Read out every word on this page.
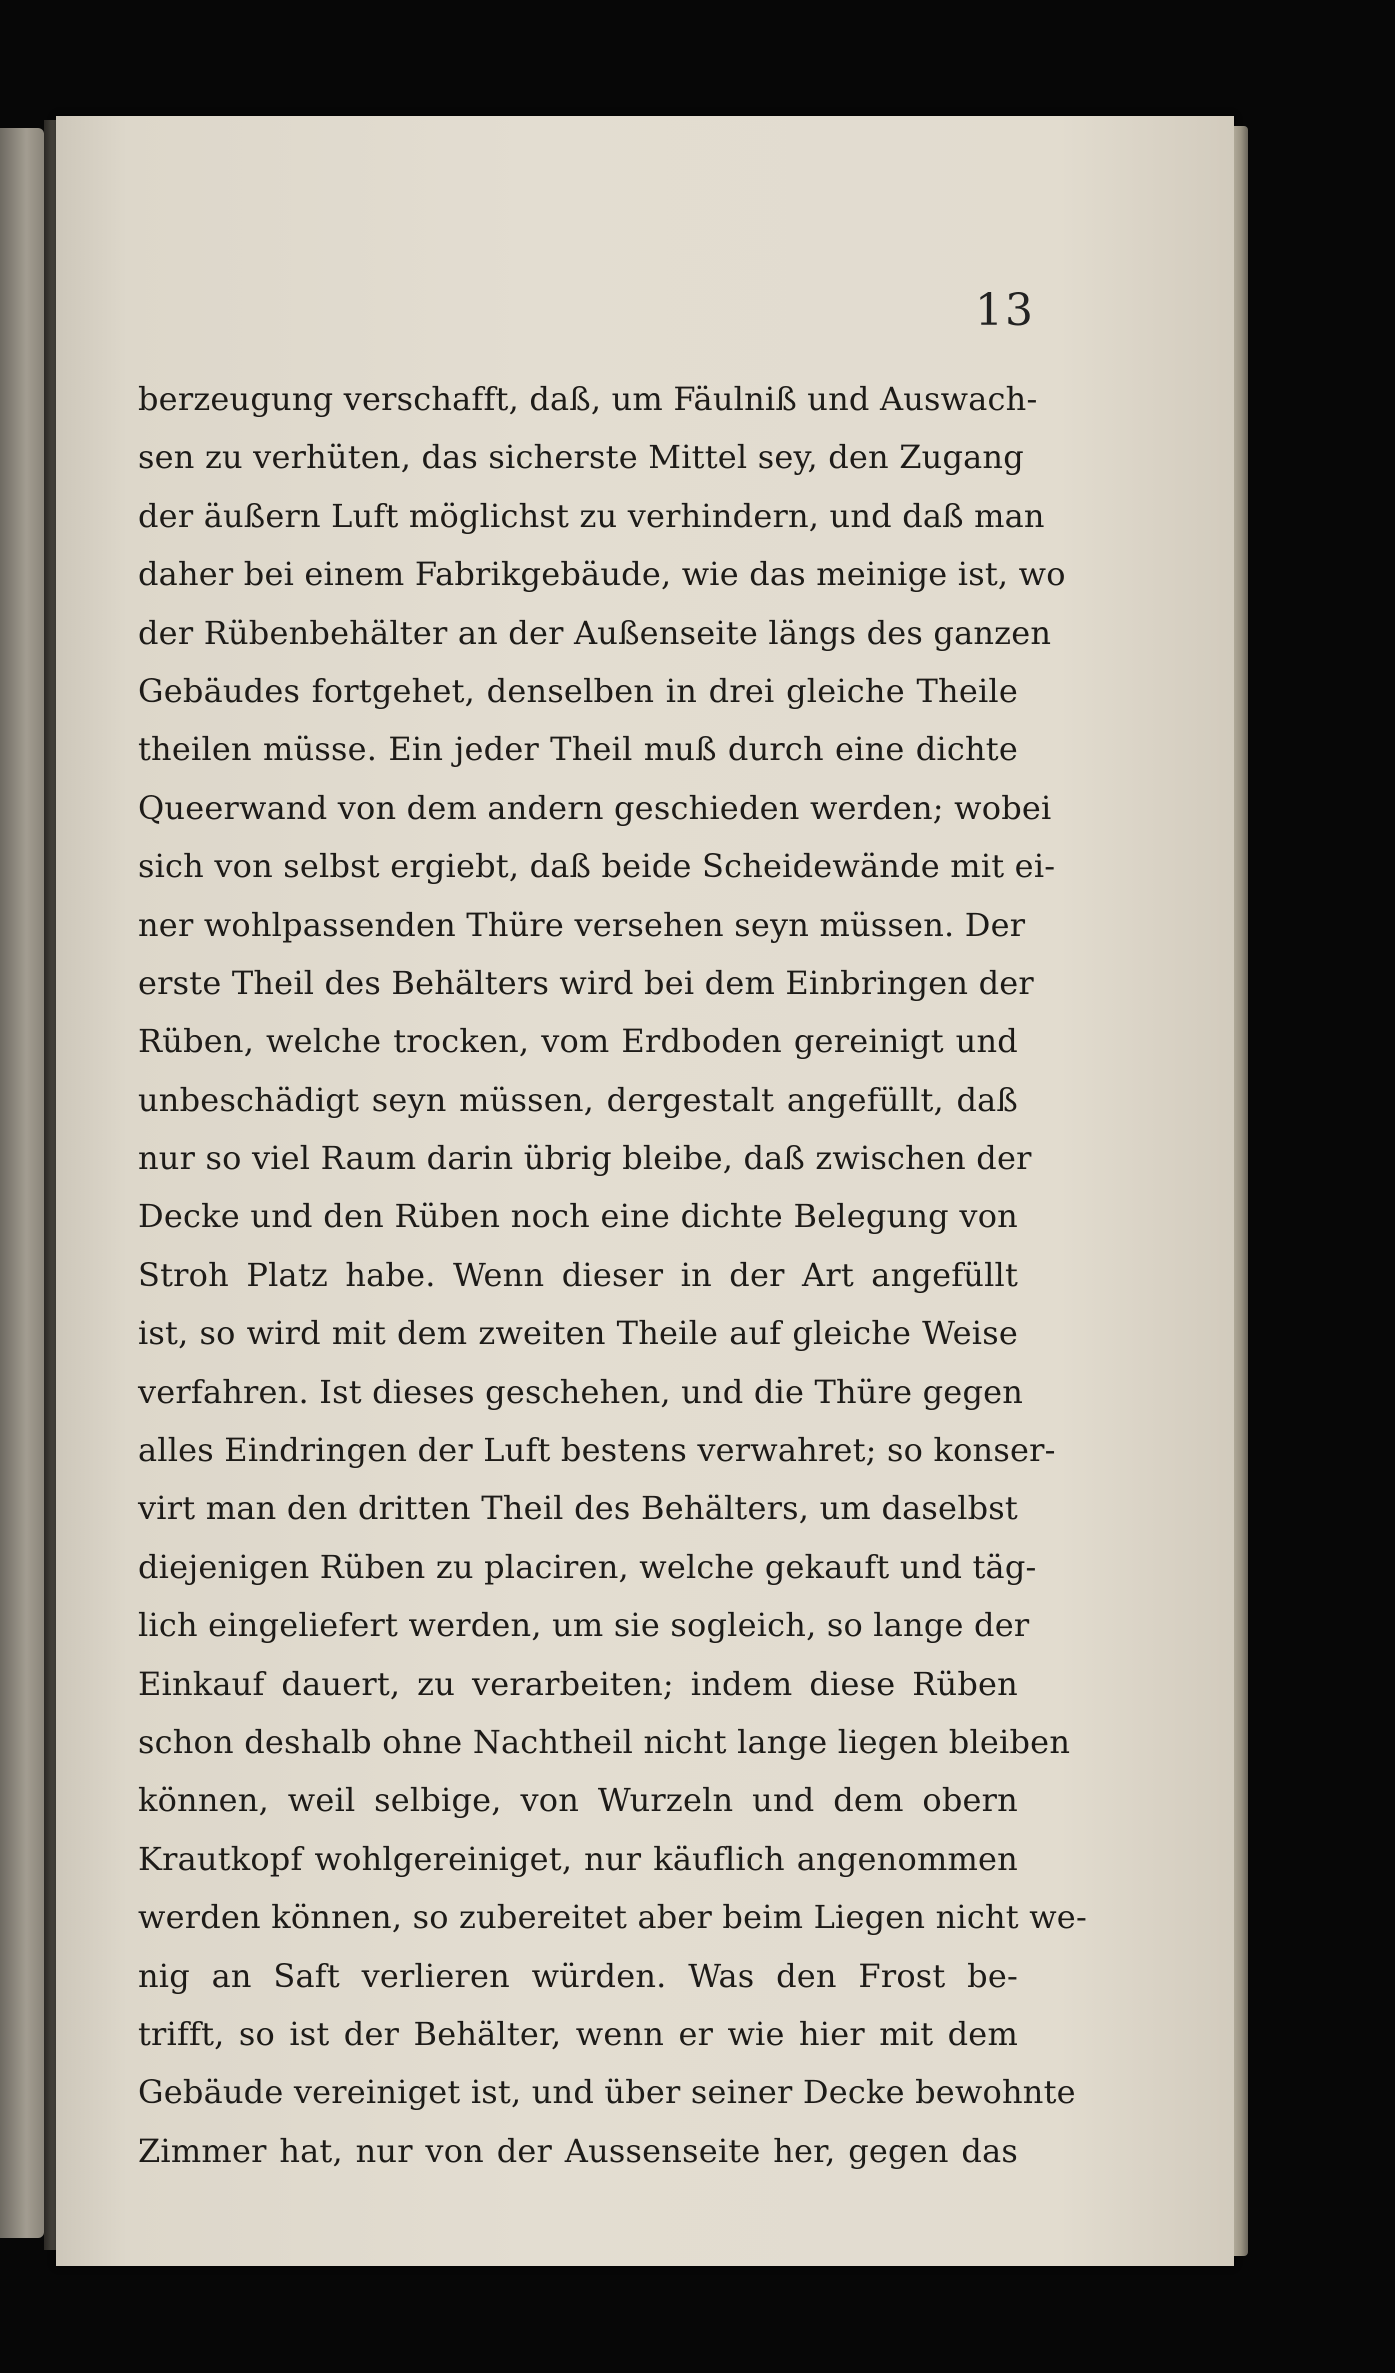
13
berzeugung verschafft, daß, um Fäulniß und Auswach-
sen zu verhüten, das sicherste Mittel sey, den Zugang
der äußern Luft möglichst zu verhindern, und daß man
daher bei einem Fabrikgebäude, wie das meinige ist, wo
der Rübenbehälter an der Außenseite längs des ganzen
Gebäudes fortgehet, denselben in drei gleiche Theile
theilen müsse. Ein jeder Theil muß durch eine dichte
Queerwand von dem andern geschieden werden; wobei
sich von selbst ergiebt, daß beide Scheidewände mit ei-
ner wohlpassenden Thüre versehen seyn müssen. Der
erste Theil des Behälters wird bei dem Einbringen der
Rüben, welche trocken, vom Erdboden gereinigt und
unbeschädigt seyn müssen, dergestalt angefüllt, daß
nur so viel Raum darin übrig bleibe, daß zwischen der
Decke und den Rüben noch eine dichte Belegung von
Stroh Platz habe. Wenn dieser in der Art angefüllt
ist, so wird mit dem zweiten Theile auf gleiche Weise
verfahren. Ist dieses geschehen, und die Thüre gegen
alles Eindringen der Luft bestens verwahret; so konser-
virt man den dritten Theil des Behälters, um daselbst
diejenigen Rüben zu placiren, welche gekauft und täg-
lich eingeliefert werden, um sie sogleich, so lange der
Einkauf dauert, zu verarbeiten; indem diese Rüben
schon deshalb ohne Nachtheil nicht lange liegen bleiben
können, weil selbige, von Wurzeln und dem obern
Krautkopf wohlgereiniget, nur käuflich angenommen
werden können, so zubereitet aber beim Liegen nicht we-
nig an Saft verlieren würden. Was den Frost be-
trifft, so ist der Behälter, wenn er wie hier mit dem
Gebäude vereiniget ist, und über seiner Decke bewohnte
Zimmer hat, nur von der Aussenseite her, gegen das
